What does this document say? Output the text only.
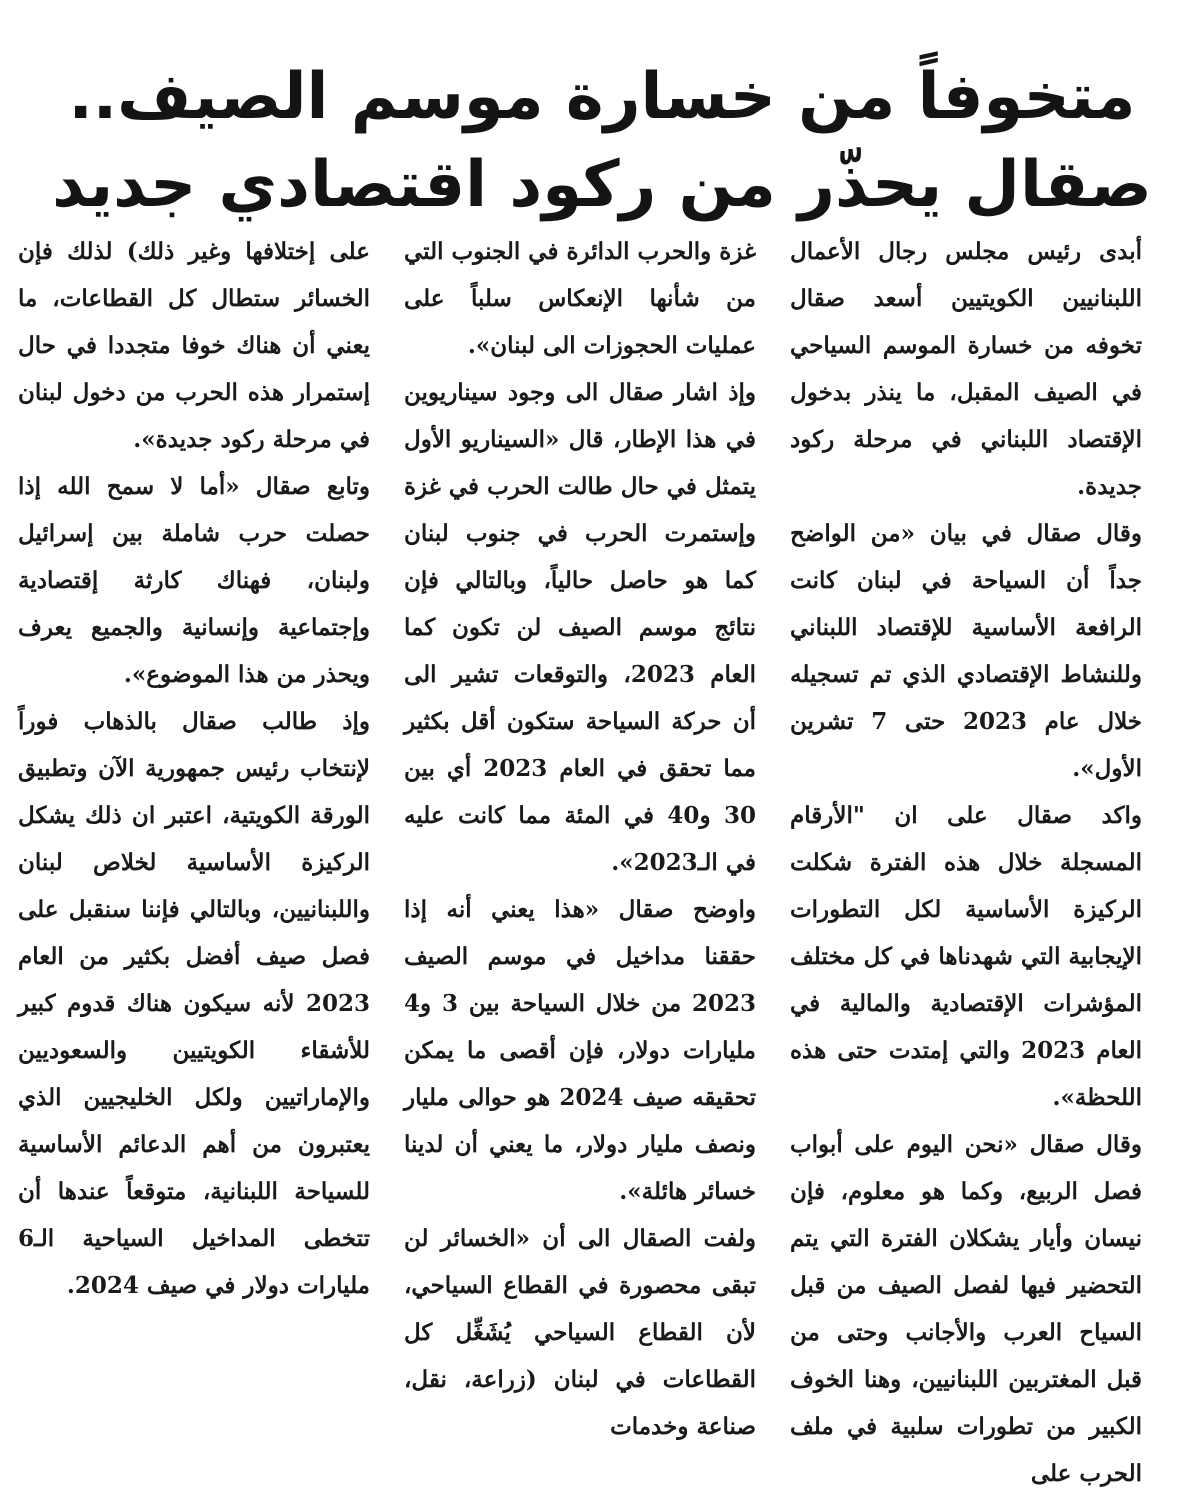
متخوفاً من خسارة موسم الصيف..
صقال يحذّر من ركود اقتصادي جديد

أبدى رئيس مجلس رجال الأعمال اللبنانيين الكويتيين أسعد صقال تخوفه من خسارة الموسم السياحي في الصيف المقبل، ما ينذر بدخول الإقتصاد اللبناني في مرحلة ركود جديدة.

وقال صقال في بيان «من الواضح جداً أن السياحة في لبنان كانت الرافعة الأساسية للإقتصاد اللبناني وللنشاط الإقتصادي الذي تم تسجيله خلال عام 2023 حتى 7 تشرين الأول».

واكد صقال على ان "الأرقام المسجلة خلال هذه الفترة شكلت الركيزة الأساسية لكل التطورات الإيجابية التي شهدناها في كل مختلف المؤشرات الإقتصادية والمالية في العام 2023 والتي إمتدت حتى هذه اللحظة».

وقال صقال «نحن اليوم على أبواب فصل الربيع، وكما هو معلوم، فإن نيسان وأيار يشكلان الفترة التي يتم التحضير فيها لفصل الصيف من قبل السياح العرب والأجانب وحتى من قبل المغتربين اللبنانيين، وهنا الخوف الكبير من تطورات سلبية في ملف الحرب على

غزة والحرب الدائرة في الجنوب التي من شأنها الإنعكاس سلباً على عمليات الحجوزات الى لبنان».

وإذ اشار صقال الى وجود سيناريوين في هذا الإطار، قال «السيناريو الأول يتمثل في حال طالت الحرب في غزة وإستمرت الحرب في جنوب لبنان كما هو حاصل حالياً، وبالتالي فإن نتائج موسم الصيف لن تكون كما العام 2023، والتوقعات تشير الى أن حركة السياحة ستكون أقل بكثير مما تحقق في العام 2023 أي بين 30 و40 في المئة مما كانت عليه في الـ2023».

واوضح صقال «هذا يعني أنه إذا حققنا مداخيل في موسم الصيف 2023 من خلال السياحة بين 3 و4 مليارات دولار، فإن أقصى ما يمكن تحقيقه صيف 2024 هو حوالى مليار ونصف مليار دولار، ما يعني أن لدينا خسائر هائلة».

ولفت الصقال الى أن «الخسائر لن تبقى محصورة في القطاع السياحي، لأن القطاع السياحي يُشَغِّل كل القطاعات في لبنان (زراعة، نقل، صناعة وخدمات

على إختلافها وغير ذلك) لذلك فإن الخسائر ستطال كل القطاعات، ما يعني أن هناك خوفا متجددا في حال إستمرار هذه الحرب من دخول لبنان في مرحلة ركود جديدة».

وتابع صقال «أما لا سمح الله إذا حصلت حرب شاملة بين إسرائيل ولبنان، فهناك كارثة إقتصادية وإجتماعية وإنسانية والجميع يعرف ويحذر من هذا الموضوع».

وإذ طالب صقال بالذهاب فوراً لإنتخاب رئيس جمهورية الآن وتطبيق الورقة الكويتية، اعتبر ان ذلك يشكل الركيزة الأساسية لخلاص لبنان واللبنانيين، وبالتالي فإننا سنقبل على فصل صيف أفضل بكثير من العام 2023 لأنه سيكون هناك قدوم كبير للأشقاء الكويتيين والسعوديين والإماراتيين ولكل الخليجيين الذي يعتبرون من أهم الدعائم الأساسية للسياحة اللبنانية، متوقعاً عندها أن تتخطى المداخيل السياحية الـ6 مليارات دولار في صيف 2024.
